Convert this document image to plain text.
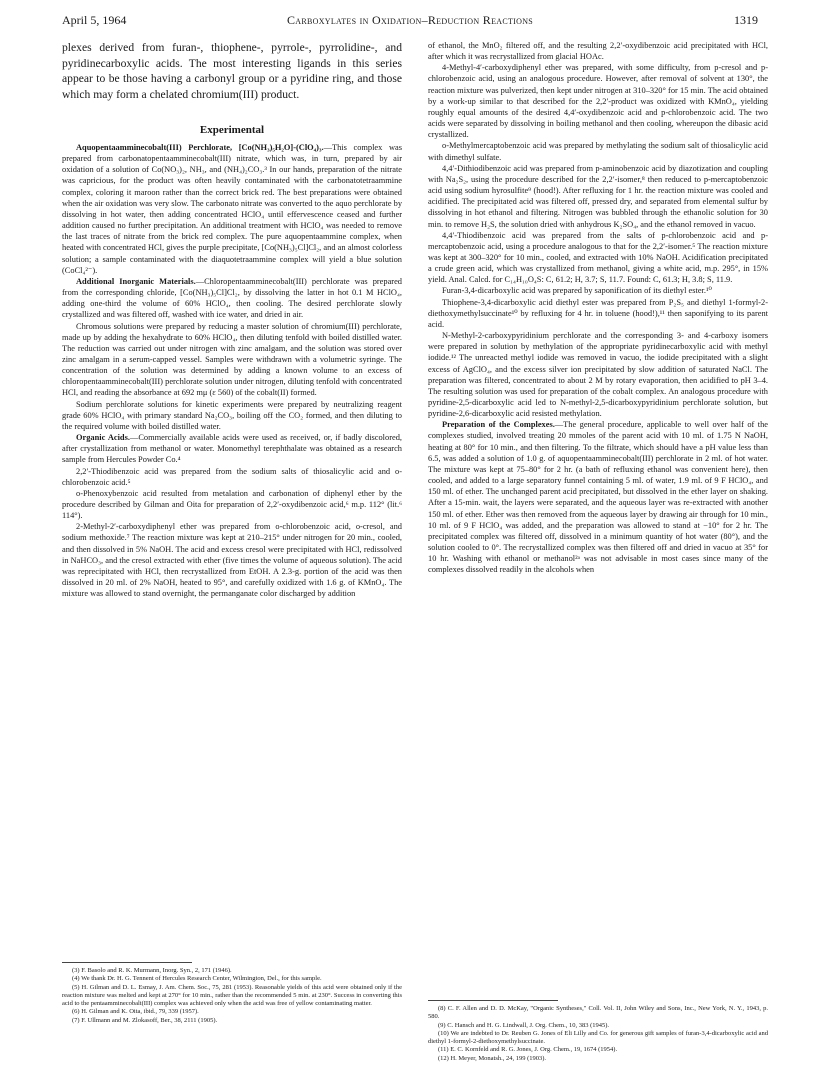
April 5, 1964	Carboxylates in Oxidation–Reduction Reactions	1319

plexes derived from furan-, thiophene-, pyrrole-, pyrrolidine-, and pyridinecarboxylic acids. The most interesting ligands in this series appear to be those having a carbonyl group or a pyridine ring, and those which may form a chelated chromium(III) product.

Experimental

Aquopentaamminecobalt(III) Perchlorate, [Co(NH₃)₅H₂O]-(ClO₄)₃.—This complex was prepared from carbonatopentaamminecobalt(III) nitrate, which was, in turn, prepared by air oxidation of a solution of Co(NO₃)₂, NH₃, and (NH₄)₂CO₃.³ In our hands, preparation of the nitrate was capricious, for the product was often heavily contaminated with the carbonatotetraammine complex, coloring it maroon rather than the correct brick red. The best preparations were obtained when the air oxidation was very slow. The carbonato nitrate was converted to the aquo perchlorate by dissolving in hot water, then adding concentrated HClO₄ until effervescence ceased and further addition caused no further precipitation. An additional treatment with HClO₄ was needed to remove the last traces of nitrate from the brick red complex. The pure aquopentaammine complex, when heated with concentrated HCl, gives the purple precipitate, [Co(NH₃)₅Cl]Cl₂, and an almost colorless solution; a sample contaminated with the diaquotetraammine complex will yield a blue solution (CoCl₄²⁻).

Additional Inorganic Materials.—Chloropentaamminecobalt(III) perchlorate was prepared from the corresponding chloride, [Co(NH₃)₅Cl]Cl₂, by dissolving the latter in hot 0.1 M HClO₄, adding one-third the volume of 60% HClO₄, then cooling. The desired perchlorate slowly crystallized and was filtered off, washed with ice water, and dried in air.

Chromous solutions were prepared by reducing a master solution of chromium(III) perchlorate, made up by adding the hexahydrate to 60% HClO₄, then diluting tenfold with boiled distilled water. The reduction was carried out under nitrogen with zinc amalgam, and the solution was stored over zinc amalgam in a serum-capped vessel. Samples were withdrawn with a volumetric syringe. The concentration of the solution was determined by adding a known volume to an excess of chloropentaamminecobalt(III) perchlorate solution under nitrogen, diluting tenfold with concentrated HCl, and reading the absorbance at 692 mμ (ε 560) of the cobalt(II) formed.

Sodium perchlorate solutions for kinetic experiments were prepared by neutralizing reagent grade 60% HClO₄ with primary standard Na₂CO₃, boiling off the CO₂ formed, and then diluting to the required volume with boiled distilled water.

Organic Acids.—Commercially available acids were used as received, or, if badly discolored, after crystallization from methanol or water. Monomethyl terephthalate was obtained as a research sample from Hercules Powder Co.⁴

2,2′-Thiodibenzoic acid was prepared from the sodium salts of thiosalicylic acid and o-chlorobenzoic acid.⁵

o-Phenoxybenzoic acid resulted from metalation and carbonation of diphenyl ether by the procedure described by Gilman and Oita for preparation of 2,2′-oxydibenzoic acid,⁶ m.p. 112° (lit.⁶ 114°).

2-Methyl-2′-carboxydiphenyl ether was prepared from o-chlorobenzoic acid, o-cresol, and sodium methoxide.⁷ The reaction mixture was kept at 210–215° under nitrogen for 20 min., cooled, and then dissolved in 5% NaOH. The acid and excess cresol were precipitated with HCl, redissolved in NaHCO₃, and the cresol extracted with ether (five times the volume of aqueous solution). The acid was reprecipitated with HCl, then recrystallized from EtOH. A 2.3-g. portion of the acid was then dissolved in 20 ml. of 2% NaOH, heated to 95°, and carefully oxidized with 1.6 g. of KMnO₄. The mixture was allowed to stand overnight, the permanganate color discharged by addition

of ethanol, the MnO₂ filtered off, and the resulting 2,2′-oxydibenzoic acid precipitated with HCl, after which it was recrystallized from glacial HOAc.

4-Methyl-4′-carboxydiphenyl ether was prepared, with some difficulty, from p-cresol and p-chlorobenzoic acid, using an analogous procedure. However, after removal of solvent at 130°, the reaction mixture was pulverized, then kept under nitrogen at 310–320° for 15 min. The acid obtained by a work-up similar to that described for the 2,2′-product was oxidized with KMnO₄, yielding roughly equal amounts of the desired 4,4′-oxydibenzoic acid and p-chlorobenzoic acid. The two acids were separated by dissolving in boiling methanol and then cooling, whereupon the dibasic acid crystallized.

o-Methylmercaptobenzoic acid was prepared by methylating the sodium salt of thiosalicylic acid with dimethyl sulfate.

4,4′-Dithiodibenzoic acid was prepared from p-aminobenzoic acid by diazotization and coupling with Na₂S₂, using the procedure described for the 2,2′-isomer,⁸ then reduced to p-mercaptobenzoic acid using sodium hyrosulfite⁹ (hood!). After refluxing for 1 hr. the reaction mixture was cooled and acidified. The precipitated acid was filtered off, pressed dry, and separated from elemental sulfur by dissolving in hot ethanol and filtering. Nitrogen was bubbled through the ethanolic solution for 30 min. to remove H₂S, the solution dried with anhydrous K₂SO₄, and the ethanol removed in vacuo.

4,4′-Thiodibenzoic acid was prepared from the salts of p-chlorobenzoic acid and p-mercaptobenzoic acid, using a procedure analogous to that for the 2,2′-isomer.⁵ The reaction mixture was kept at 300–320° for 10 min., cooled, and extracted with 10% NaOH. Acidification precipitated a crude green acid, which was crystallized from methanol, giving a white acid, m.p. 295°, in 15% yield. Anal. Calcd. for C₁₄H₁₀O₄S: C, 61.2; H, 3.7; S, 11.7. Found: C, 61.3; H, 3.8; S, 11.9.

Furan-3,4-dicarboxylic acid was prepared by saponification of its diethyl ester.¹⁰

Thiophene-3,4-dicarboxylic acid diethyl ester was prepared from P₂S₅ and diethyl 1-formyl-2-diethoxymethylsuccinate¹⁰ by refluxing for 4 hr. in toluene (hood!),¹¹ then saponifying to its parent acid.

N-Methyl-2-carboxypyridinium perchlorate and the corresponding 3- and 4-carboxy isomers were prepared in solution by methylation of the appropriate pyridinecarboxylic acid with methyl iodide.¹² The unreacted methyl iodide was removed in vacuo, the iodide precipitated with a slight excess of AgClO₄, and the excess silver ion precipitated by slow addition of saturated NaCl. The preparation was filtered, concentrated to about 2 M by rotary evaporation, then acidified to pH 3–4. The resulting solution was used for preparation of the cobalt complex. An analogous procedure with pyridine-2,5-dicarboxylic acid led to N-methyl-2,5-dicarboxypyridinium perchlorate solution, but pyridine-2,6-dicarboxylic acid resisted methylation.

Preparation of the Complexes.—The general procedure, applicable to well over half of the complexes studied, involved treating 20 mmoles of the parent acid with 10 ml. of 1.75 N NaOH, heating at 80° for 10 min., and then filtering. To the filtrate, which should have a pH value less than 6.5, was added a solution of 1.0 g. of aquopentaamminecobalt(III) perchlorate in 2 ml. of hot water. The mixture was kept at 75–80° for 2 hr. (a bath of refluxing ethanol was convenient here), then cooled, and added to a large separatory funnel containing 5 ml. of water, 1.9 ml. of 9 F HClO₄, and 150 ml. of ether. The unchanged parent acid precipitated, but dissolved in the ether layer on shaking. After a 15-min. wait, the layers were separated, and the aqueous layer was re-extracted with another 150 ml. of ether. Ether was then removed from the aqueous layer by drawing air through for 10 min., 10 ml. of 9 F HClO₄ was added, and the preparation was allowed to stand at −10° for 2 hr. The precipitated complex was filtered off, dissolved in a minimum quantity of hot water (80°), and the solution cooled to 0°. The recrystallized complex was then filtered off and dried in vacuo at 35° for 10 hr. Washing with ethanol or methanol²ᵃ was not advisable in most cases since many of the complexes dissolved readily in the alcohols when

(3) F. Basolo and R. K. Murmann, Inorg. Syn., 2, 171 (1946).

(4) We thank Dr. H. G. Tennent of Hercules Research Center, Wilmington, Del., for this sample.

(5) H. Gilman and D. L. Esmay, J. Am. Chem. Soc., 75, 281 (1953). Reasonable yields of this acid were obtained only if the reaction mixture was melted and kept at 270° for 10 min., rather than the recommended 5 min. at 230°. Success in converting this acid to the pentaamminecobalt(III) complex was achieved only when the acid was free of yellow contaminating matter.

(6) H. Gilman and K. Oita, ibid., 79, 339 (1957).

(7) F. Ullmann and M. Zlokasoff, Ber., 38, 2111 (1905).

(8) C. F. Allen and D. D. McKay, "Organic Syntheses," Coll. Vol. II, John Wiley and Sons, Inc., New York, N. Y., 1943, p. 580.

(9) C. Hansch and H. G. Lindwall, J. Org. Chem., 10, 383 (1945).

(10) We are indebted to Dr. Reuben G. Jones of Eli Lilly and Co. for generous gift samples of furan-3,4-dicarboxylic acid and diethyl 1-formyl-2-diethoxymethylsuccinate.

(11) E. C. Kornfeld and R. G. Jones, J. Org. Chem., 19, 1674 (1954).

(12) H. Meyer, Monatsh., 24, 199 (1903).
